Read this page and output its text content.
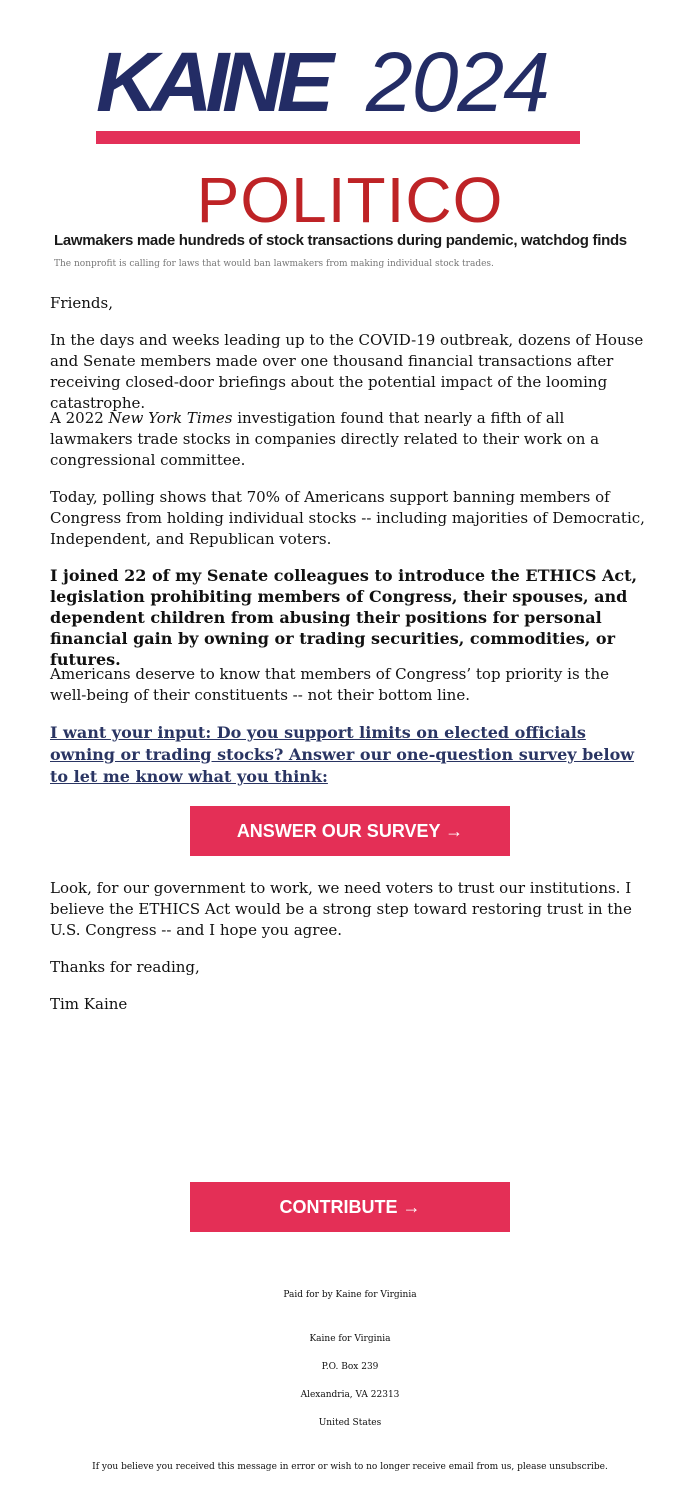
KAINE 2024
POLITICO
Lawmakers made hundreds of stock transactions during pandemic, watchdog finds
The nonprofit is calling for laws that would ban lawmakers from making individual stock trades.

Friends,

In the days and weeks leading up to the COVID-19 outbreak, dozens of House and Senate members made over one thousand financial transactions after receiving closed-door briefings about the potential impact of the looming catastrophe.

A 2022 New York Times investigation found that nearly a fifth of all lawmakers trade stocks in companies directly related to their work on a congressional committee.

Today, polling shows that 70% of Americans support banning members of Congress from holding individual stocks -- including majorities of Democratic, Independent, and Republican voters.

I joined 22 of my Senate colleagues to introduce the ETHICS Act, legislation prohibiting members of Congress, their spouses, and dependent children from abusing their positions for personal financial gain by owning or trading securities, commodities, or futures.

Americans deserve to know that members of Congress’ top priority is the well-being of their constituents -- not their bottom line.

I want your input: Do you support limits on elected officials owning or trading stocks? Answer our one-question survey below to let me know what you think:
ANSWER OUR SURVEY →

Look, for our government to work, we need voters to trust our institutions. I believe the ETHICS Act would be a strong step toward restoring trust in the U.S. Congress -- and I hope you agree.

Thanks for reading,

Tim Kaine

CONTRIBUTE →
Paid for by Kaine for Virginia
Kaine for Virginia
P.O. Box 239
Alexandria, VA 22313
United States
If you believe you received this message in error or wish to no longer receive email from us, please unsubscribe.
